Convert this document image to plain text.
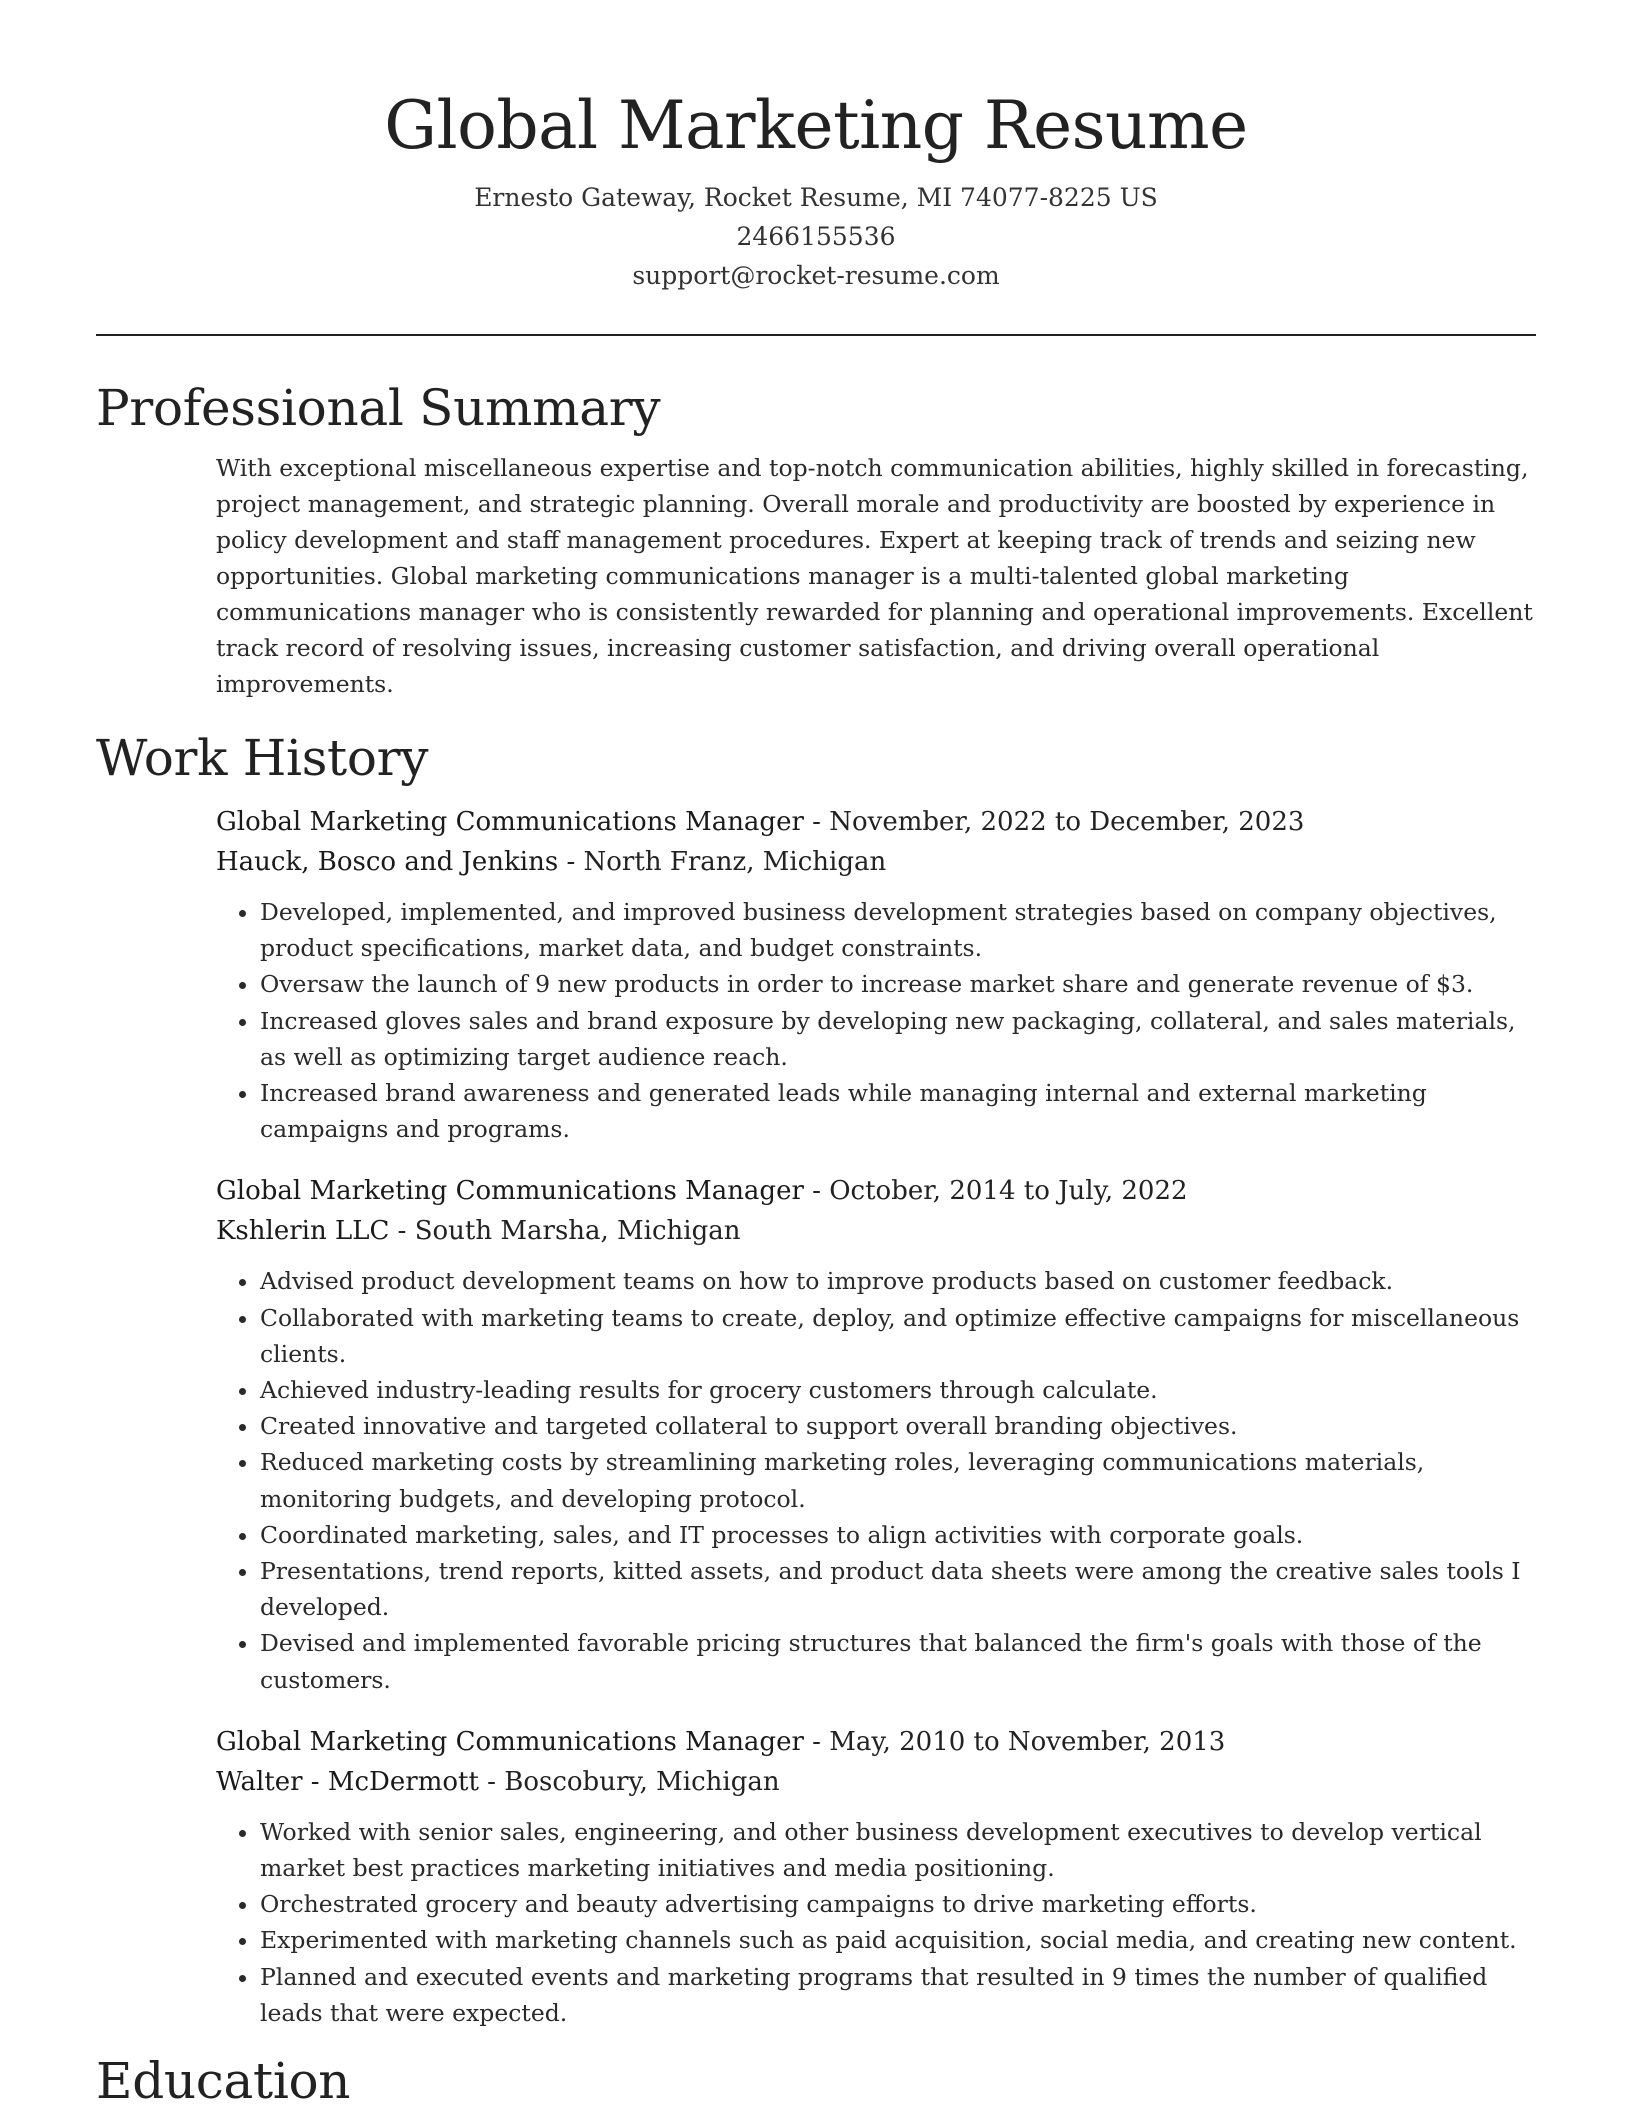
Global Marketing Resume
Ernesto Gateway, Rocket Resume, MI 74077-8225 US
2466155536
support@rocket-resume.com
Professional Summary

With exceptional miscellaneous expertise and top-notch communication abilities, highly skilled in forecasting, project management, and strategic planning. Overall morale and productivity are boosted by experience in policy development and staff management procedures. Expert at keeping track of trends and seizing new opportunities. Global marketing communications manager is a multi-talented global marketing communications manager who is consistently rewarded for planning and operational improvements. Excellent track record of resolving issues, increasing customer satisfaction, and driving overall operational improvements.

Work History
Global Marketing Communications Manager - November, 2022 to December, 2023
Hauck, Bosco and Jenkins - North Franz, Michigan
• Developed, implemented, and improved business development strategies based on company objectives, product specifications, market data, and budget constraints.
• Oversaw the launch of 9 new products in order to increase market share and generate revenue of $3.
• Increased gloves sales and brand exposure by developing new packaging, collateral, and sales materials, as well as optimizing target audience reach.
• Increased brand awareness and generated leads while managing internal and external marketing campaigns and programs.
Global Marketing Communications Manager - October, 2014 to July, 2022
Kshlerin LLC - South Marsha, Michigan
• Advised product development teams on how to improve products based on customer feedback.
• Collaborated with marketing teams to create, deploy, and optimize effective campaigns for miscellaneous clients.
• Achieved industry-leading results for grocery customers through calculate.
• Created innovative and targeted collateral to support overall branding objectives.
• Reduced marketing costs by streamlining marketing roles, leveraging communications materials, monitoring budgets, and developing protocol.
• Coordinated marketing, sales, and IT processes to align activities with corporate goals.
• Presentations, trend reports, kitted assets, and product data sheets were among the creative sales tools I developed.
• Devised and implemented favorable pricing structures that balanced the firm's goals with those of the customers.
Global Marketing Communications Manager - May, 2010 to November, 2013
Walter - McDermott - Boscobury, Michigan
• Worked with senior sales, engineering, and other business development executives to develop vertical market best practices marketing initiatives and media positioning.
• Orchestrated grocery and beauty advertising campaigns to drive marketing efforts.
• Experimented with marketing channels such as paid acquisition, social media, and creating new content.
• Planned and executed events and marketing programs that resulted in 9 times the number of qualified leads that were expected.
Education
